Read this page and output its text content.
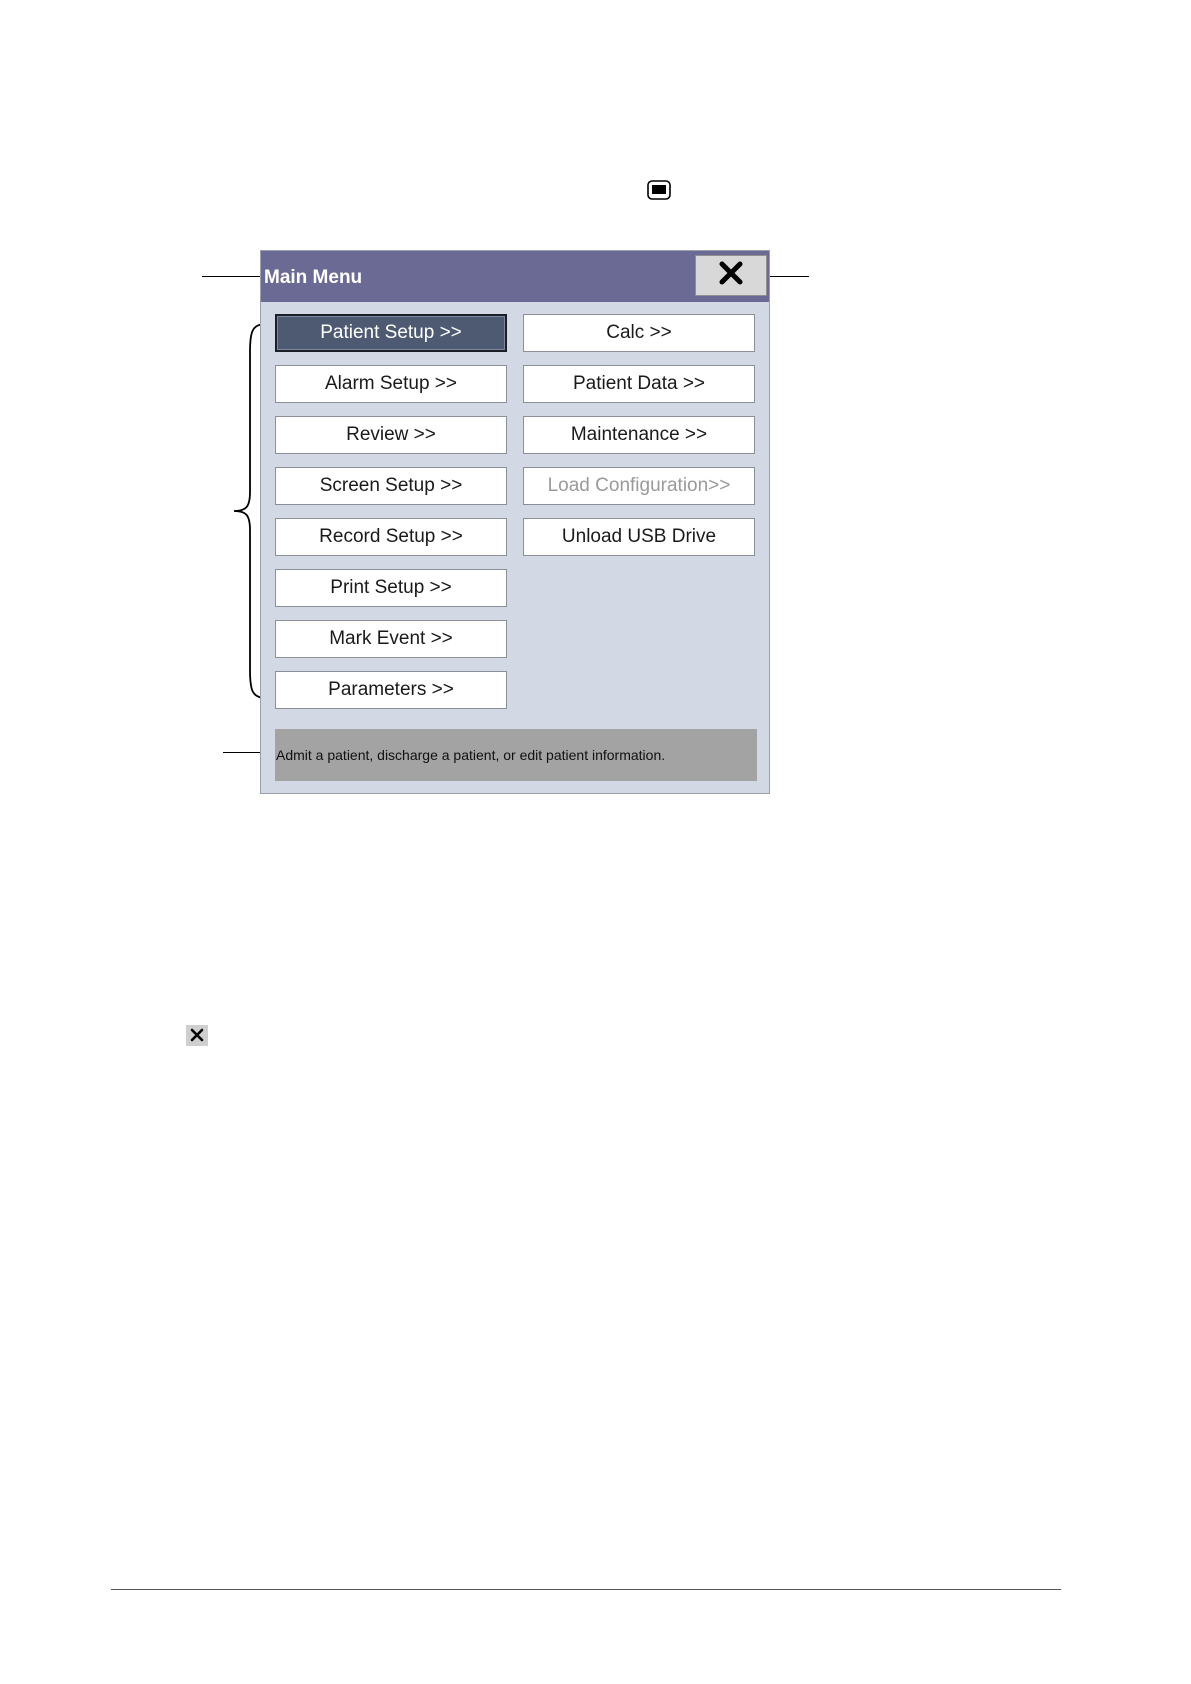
Main Menu
Admit a patient, discharge a patient, or edit patient information.
Patient Setup >>
Alarm Setup >>
Review >>
Screen Setup >>
Record Setup >>
Print Setup >>
Mark Event >>
Parameters >>
Calc >>
Patient Data >>
Maintenance >>
Load Configuration>>
Unload USB Drive
